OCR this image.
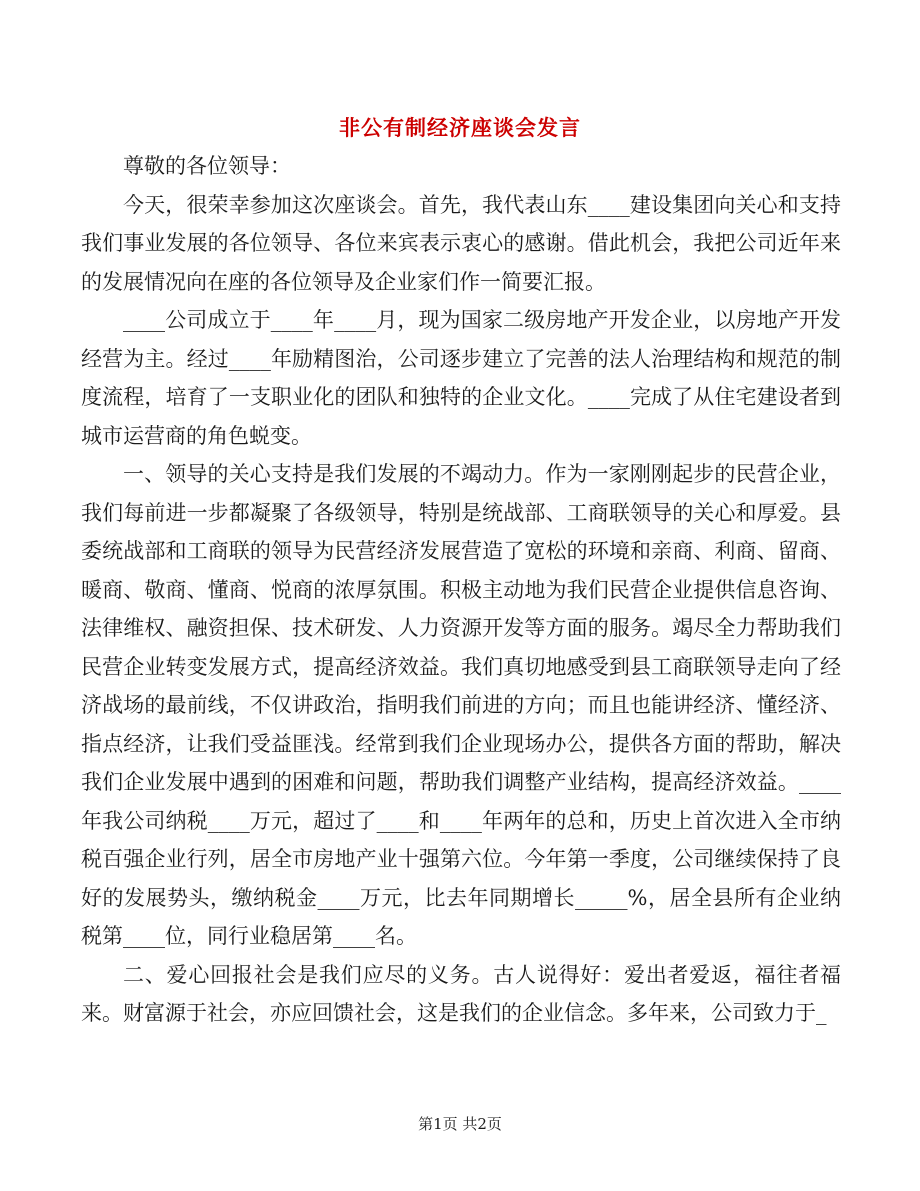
非公有制经济座谈会发言

尊敬的各位领导：

今天，很荣幸参加这次座谈会。首先，我代表山东____建设集团向关心和支持我们事业发展的各位领导、各位来宾表示衷心的感谢。借此机会，我把公司近年来的发展情况向在座的各位领导及企业家们作一简要汇报。

____公司成立于____年____月，现为国家二级房地产开发企业，以房地产开发经营为主。经过____年励精图治，公司逐步建立了完善的法人治理结构和规范的制度流程，培育了一支职业化的团队和独特的企业文化。____完成了从住宅建设者到城市运营商的角色蜕变。

一、领导的关心支持是我们发展的不竭动力。作为一家刚刚起步的民营企业，我们每前进一步都凝聚了各级领导，特别是统战部、工商联领导的关心和厚爱。县委统战部和工商联的领导为民营经济发展营造了宽松的环境和亲商、利商、留商、暖商、敬商、懂商、悦商的浓厚氛围。积极主动地为我们民营企业提供信息咨询、法律维权、融资担保、技术研发、人力资源开发等方面的服务。竭尽全力帮助我们民营企业转变发展方式，提高经济效益。我们真切地感受到县工商联领导走向了经济战场的最前线，不仅讲政治，指明我们前进的方向；而且也能讲经济、懂经济、指点经济，让我们受益匪浅。经常到我们企业现场办公，提供各方面的帮助，解决我们企业发展中遇到的困难和问题，帮助我们调整产业结构，提高经济效益。____年我公司纳税____万元，超过了____和____年两年的总和，历史上首次进入全市纳税百强企业行列，居全市房地产业十强第六位。今年第一季度，公司继续保持了良好的发展势头，缴纳税金____万元，比去年同期增长_____%，居全县所有企业纳税第____位，同行业稳居第____名。

二、爱心回报社会是我们应尽的义务。古人说得好：爱出者爱返，福往者福来。财富源于社会，亦应回馈社会，这是我们的企业信念。多年来，公司致力于_

第1页 共2页
